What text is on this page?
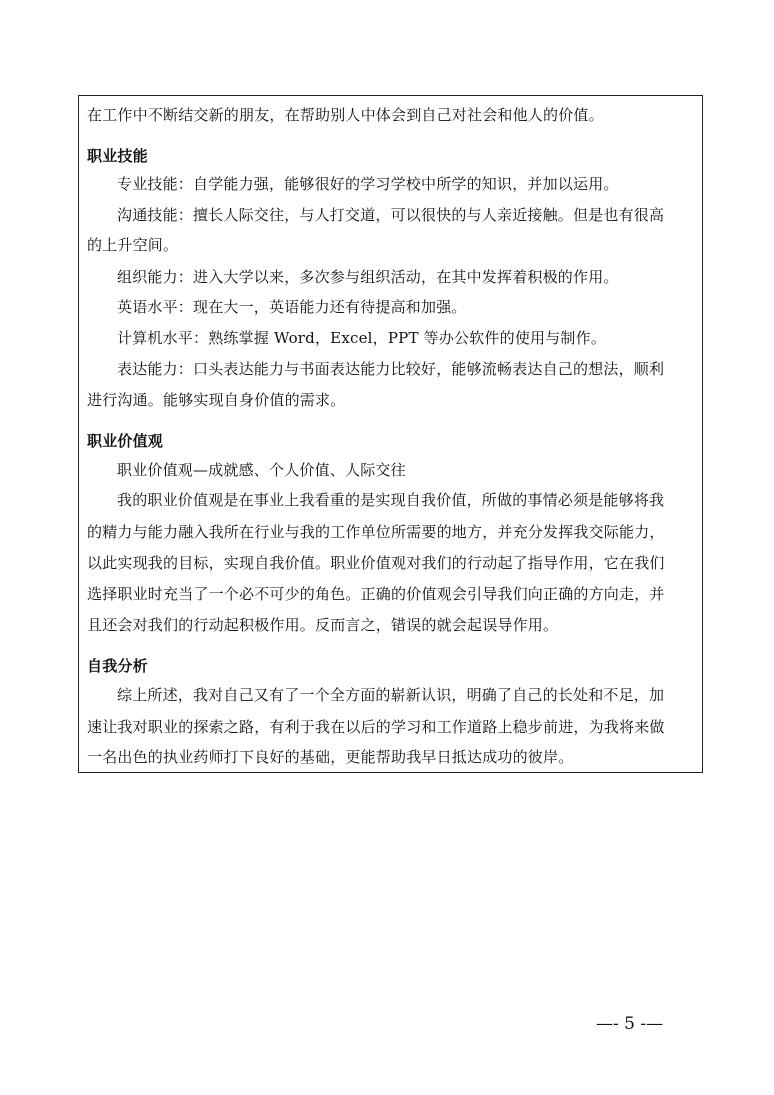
在工作中不断结交新的朋友，在帮助别人中体会到自己对社会和他人的价值。
职业技能
专业技能：自学能力强，能够很好的学习学校中所学的知识，并加以运用。
沟通技能：擅长人际交往，与人打交道，可以很快的与人亲近接触。但是也有很高
的上升空间。
组织能力：进入大学以来，多次参与组织活动，在其中发挥着积极的作用。
英语水平：现在大一，英语能力还有待提高和加强。
计算机水平：熟练掌握 Word，Excel，PPT 等办公软件的使用与制作。
表达能力：口头表达能力与书面表达能力比较好，能够流畅表达自己的想法，顺利
进行沟通。能够实现自身价值的需求。
职业价值观
职业价值观—成就感、个人价值、人际交往
我的职业价值观是在事业上我看重的是实现自我价值，所做的事情必须是能够将我
的精力与能力融入我所在行业与我的工作单位所需要的地方，并充分发挥我交际能力，
以此实现我的目标，实现自我价值。职业价值观对我们的行动起了指导作用，它在我们
选择职业时充当了一个必不可少的角色。正确的价值观会引导我们向正确的方向走，并
且还会对我们的行动起积极作用。反而言之，错误的就会起误导作用。
自我分析
综上所述，我对自己又有了一个全方面的崭新认识，明确了自己的长处和不足，加
速让我对职业的探索之路，有利于我在以后的学习和工作道路上稳步前进，为我将来做
一名出色的执业药师打下良好的基础，更能帮助我早日抵达成功的彼岸。
—- 5 -—
